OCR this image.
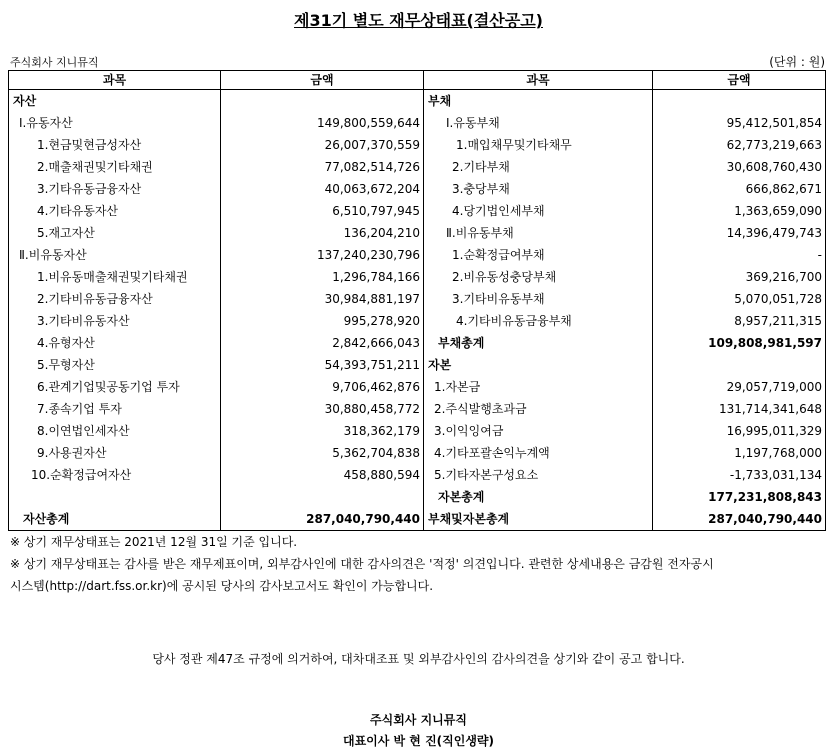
제31기 별도 재무상태표(결산공고)
주식회사 지니뮤직	(단위 : 원)
과목	금액	과목	금액
자산		부채	
Ⅰ.유동자산	149,800,559,644	Ⅰ.유동부채	95,412,501,854
1.현금및현금성자산	26,007,370,559	1.매입채무및기타채무	62,773,219,663
2.매출채권및기타채권	77,082,514,726	2.기타부채	30,608,760,430
3.기타유동금융자산	40,063,672,204	3.충당부채	666,862,671
4.기타유동자산	6,510,797,945	4.당기법인세부채	1,363,659,090
5.재고자산	136,204,210	Ⅱ.비유동부채	14,396,479,743
Ⅱ.비유동자산	137,240,230,796	1.순확정급여부채	-
1.비유동매출채권및기타채권	1,296,784,166	2.비유동성충당부채	369,216,700
2.기타비유동금융자산	30,984,881,197	3.기타비유동부채	5,070,051,728
3.기타비유동자산	995,278,920	4.기타비유동금융부채	8,957,211,315
4.유형자산	2,842,666,043	부채총계	109,808,981,597
5.무형자산	54,393,751,211	자본	
6.관계기업및공동기업 투자	9,706,462,876	1.자본금	29,057,719,000
7.종속기업 투자	30,880,458,772	2.주식발행초과금	131,714,341,648
8.이연법인세자산	318,362,179	3.이익잉여금	16,995,011,329
9.사용권자산	5,362,704,838	4.기타포괄손익누계액	1,197,768,000
10.순확정급여자산	458,880,594	5.기타자본구성요소	-1,733,031,134
		자본총계	177,231,808,843
자산총계	287,040,790,440	부채및자본총계	287,040,790,440

※ 상기 재무상태표는 2021년 12월 31일 기준 입니다.

※ 상기 재무상태표는 감사를 받은 재무제표이며, 외부감사인에 대한 감사의견은 '적정' 의견입니다. 관련한 상세내용은 금감원 전자공시

시스템(http://dart.fss.or.kr)에 공시된 당사의 감사보고서도 확인이 가능합니다.

당사 정관 제47조 규정에 의거하여, 대차대조표 및 외부감사인의 감사의견을 상기와 같이 공고 합니다.
주식회사 지니뮤직
대표이사 박 현 진(직인생략)
